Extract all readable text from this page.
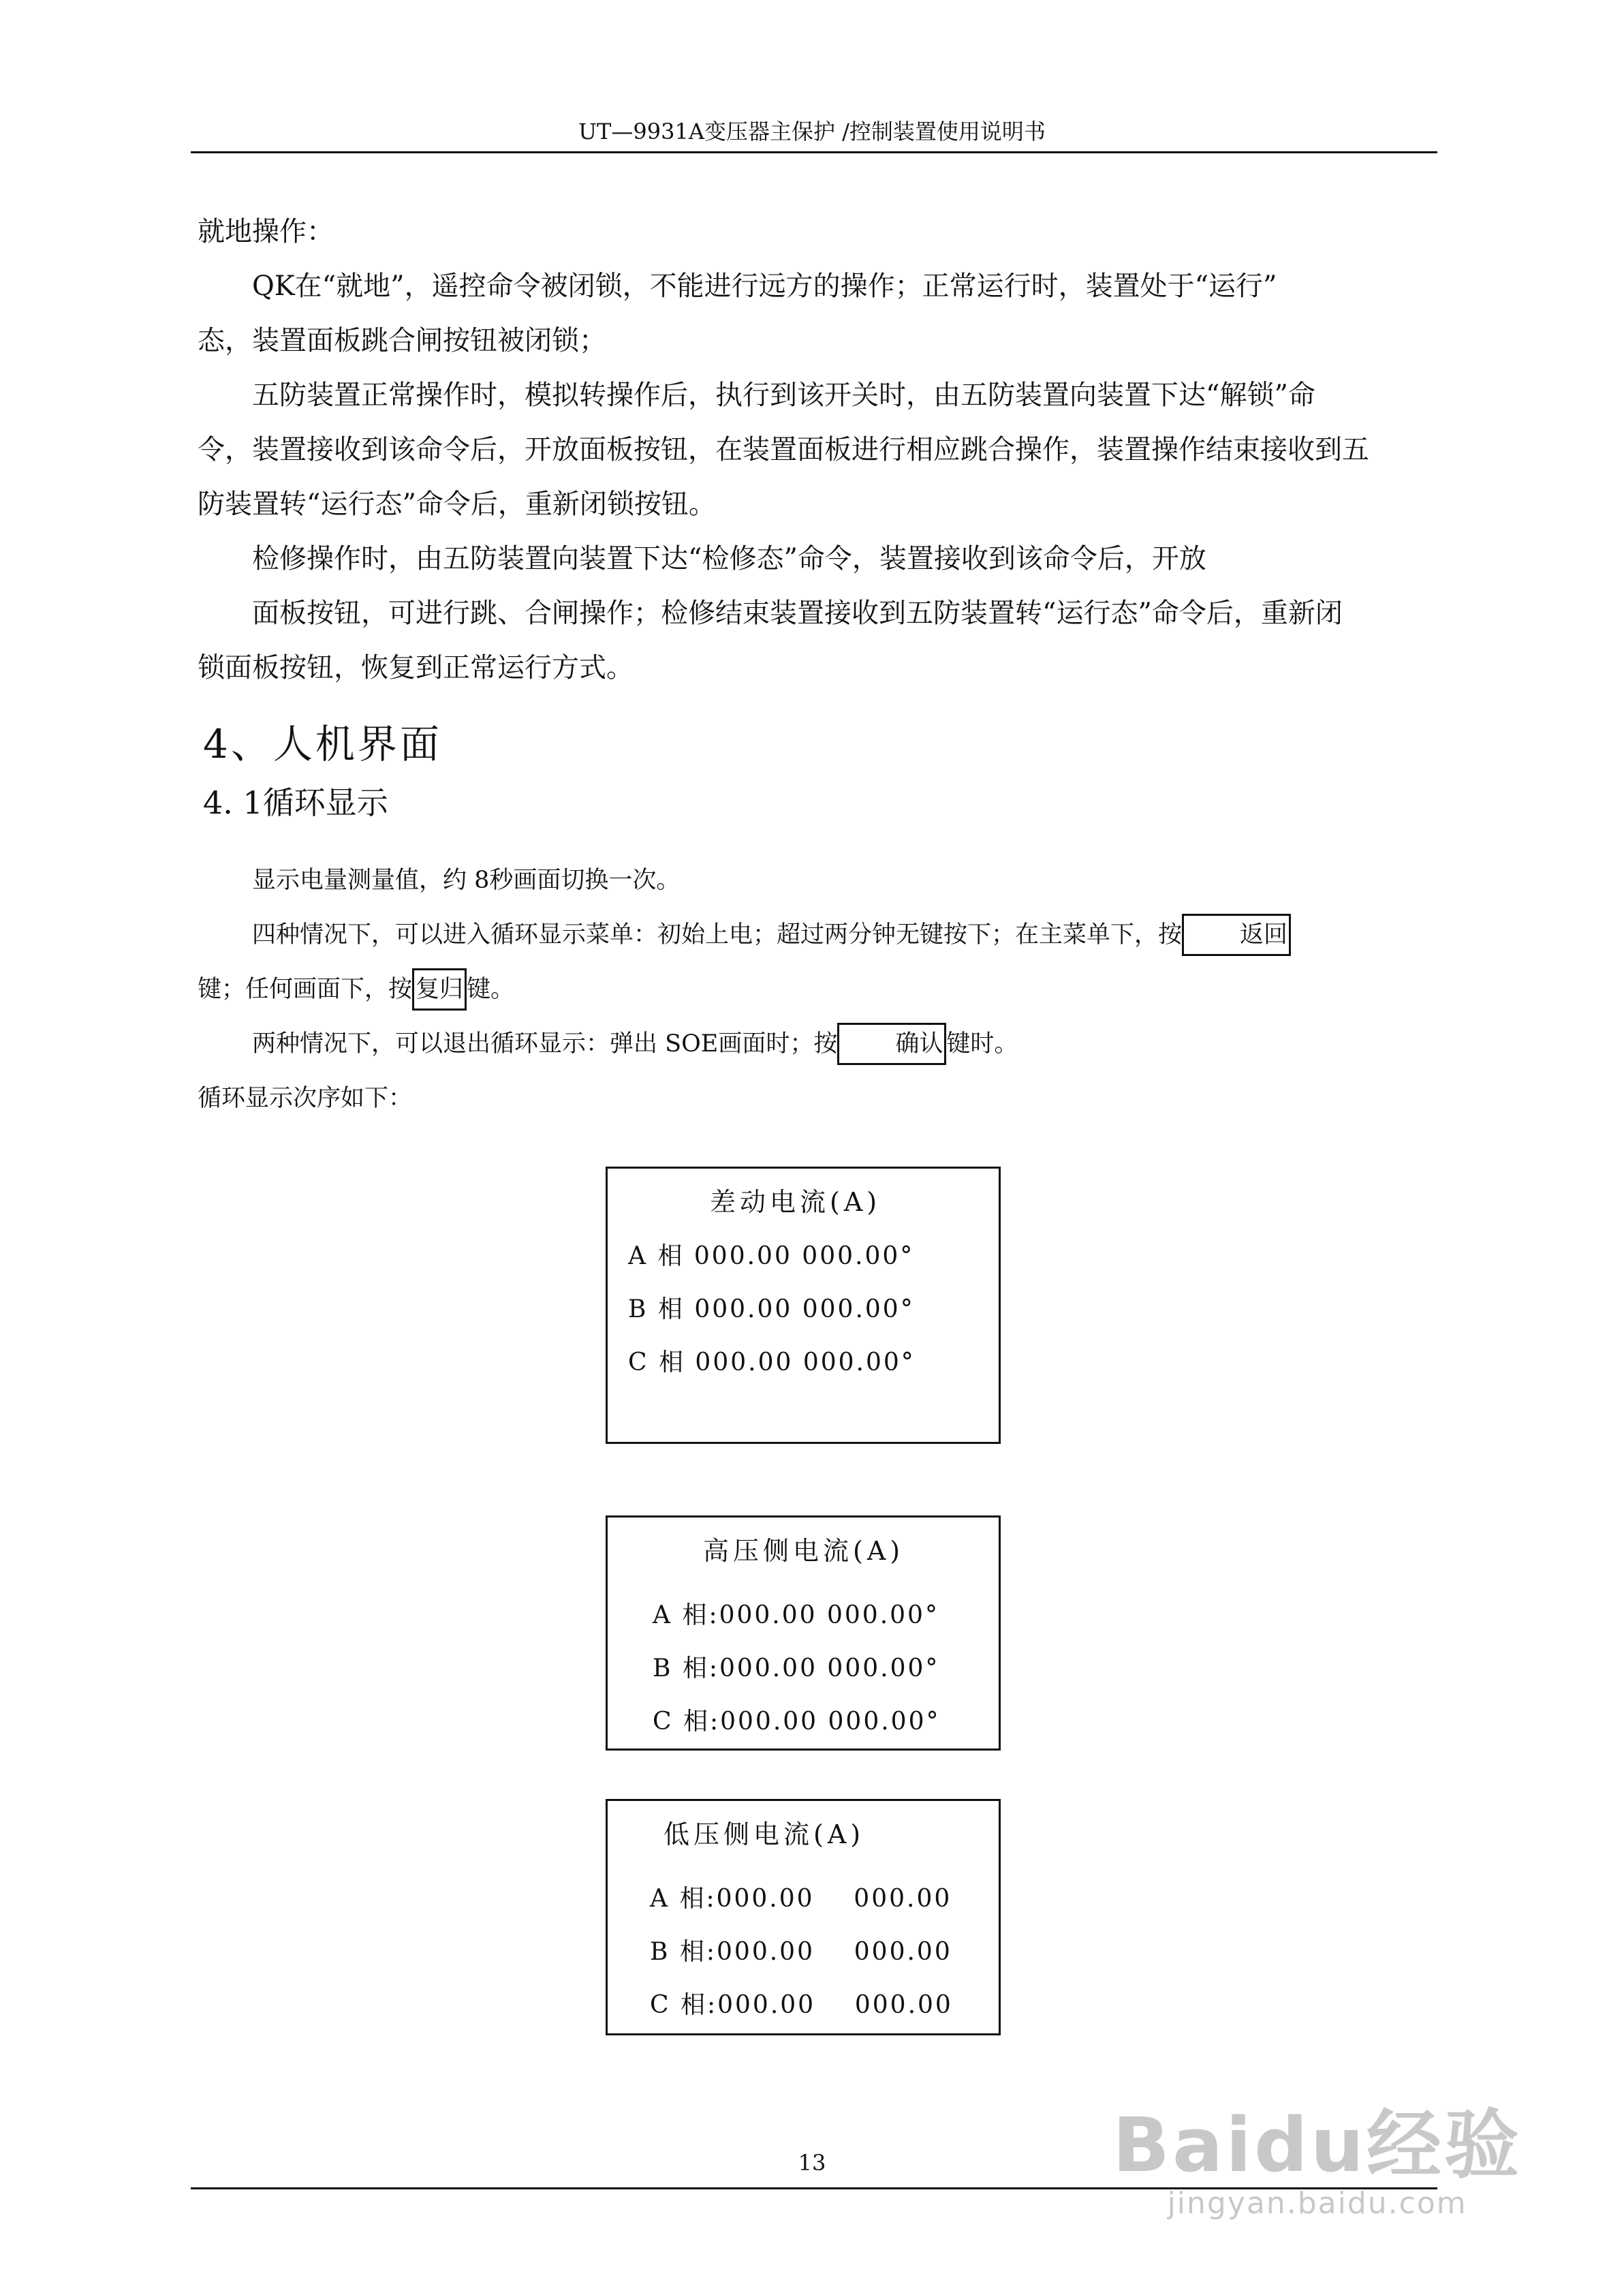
UT—9931A变压器主保护 /控制装置使用说明书

就地操作：

QK在“就地”，遥控命令被闭锁，不能进行远方的操作；正常运行时，装置处于“运行”

态，装置面板跳合闸按钮被闭锁；

五防装置正常操作时，模拟转操作后，执行到该开关时，由五防装置向装置下达“解锁”命

令，装置接收到该命令后，开放面板按钮，在装置面板进行相应跳合操作，装置操作结束接收到五

防装置转“运行态”命令后，重新闭锁按钮。

检修操作时，由五防装置向装置下达“检修态”命令，装置接收到该命令后，开放

面板按钮，可进行跳、合闸操作；检修结束装置接收到五防装置转“运行态”命令后，重新闭

锁面板按钮，恢复到正常运行方式。

4、人机界面
4. 1循环显示

显示电量测量值，约 8秒画面切换一次。

四种情况下，可以进入循环显示菜单：初始上电；超过两分钟无键按下；在主菜单下，按 返回

键；任何画面下，按 复归 键。

两种情况下，可以退出循环显示：弹出 SOE画面时；按 确认 键时。

循环显示次序如下：

差动电流(A)
A 相 000.00 000.00°
B 相 000.00 000.00°
C 相 000.00 000.00°
高压侧电流(A)
A 相:000.00 000.00°
B 相:000.00 000.00°
C 相:000.00 000.00°
低压侧电流(A)
A 相:000.00    000.00
B 相:000.00    000.00
C 相:000.00    000.00
13	Baidu经验
jingyan.baidu.com
